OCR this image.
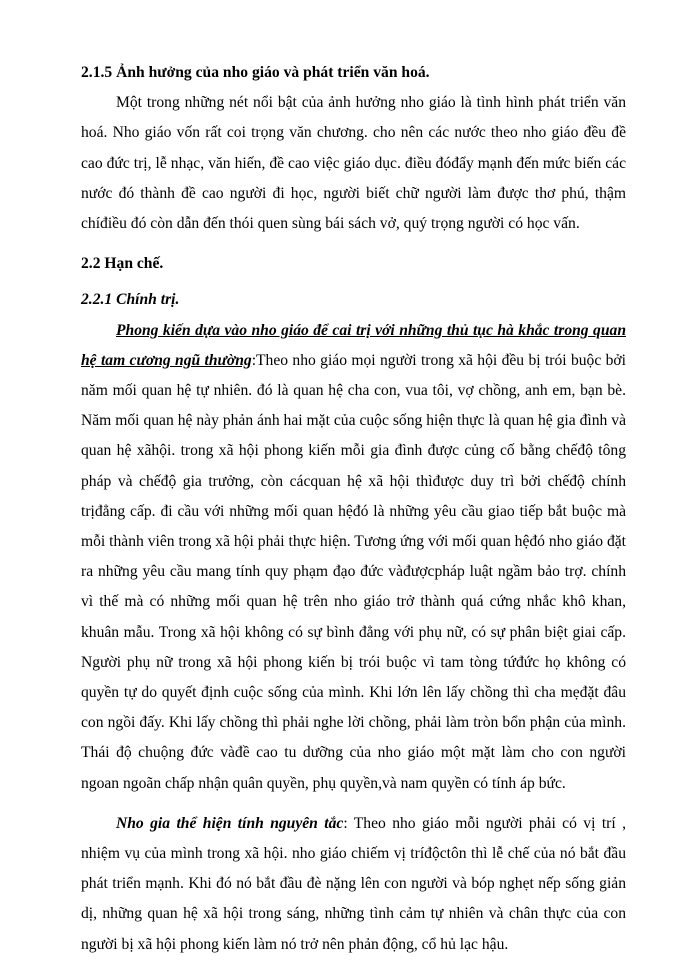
2.1.5 Ảnh hưởng của nho giáo và phát triển văn hoá.

Một trong những nét nổi bật của ảnh hưởng nho giáo là tình hình phát triển văn hoá. Nho giáo vốn rất coi trọng văn chương. cho nên các nước theo nho giáo đều đề cao đức trị, lễ nhạc, văn hiến, đề cao việc giáo dục. điều đóđẩy mạnh đến mức biến các nước đó thành đề cao người đi học, người biết chữ người làm được thơ phú, thậm chíđiều đó còn dẫn đến thói quen sùng bái sách vở, quý trọng người có học vấn.

2.2 Hạn chế.

2.2.1 Chính trị.

Phong kiến dựa vào nho giáo để cai trị với những thủ tục hà khắc trong quan hệ tam cương ngũ thường:Theo nho giáo mọi người trong xã hội đều bị trói buộc bởi năm mối quan hệ tự nhiên. đó là quan hệ cha con, vua tôi, vợ chồng, anh em, bạn bè. Năm mối quan hệ này phản ánh hai mặt của cuộc sống hiện thực là quan hệ gia đình và quan hệ xãhội. trong xã hội phong kiến mỗi gia đình được củng cố bằng chếđộ tông pháp và chếđộ gia trưởng, còn cácquan hệ xã hội thìđược duy trì bởi chếđộ chính trịđẳng cấp. đi cầu với những mối quan hệđó là những yêu cầu giao tiếp bắt buộc mà mỗi thành viên trong xã hội phải thực hiện. Tương ứng với mối quan hệđó nho giáo đặt ra những yêu cầu mang tính quy phạm đạo đức vàđượcpháp luật ngầm bảo trợ. chính vì thế mà có những mối quan hệ trên nho giáo trở thành quá cứng nhắc khô khan, khuân mẫu. Trong xã hội không có sự bình đẳng với phụ nữ, có sự phân biệt giai cấp. Người phụ nữ trong xã hội phong kiến bị trói buộc vì tam tòng tứđức họ không có quyền tự do quyết định cuộc sống của mình. Khi lớn lên lấy chồng thì cha mẹđặt đâu con ngồi đấy. Khi lấy chồng thì phải nghe lời chồng, phải làm tròn bổn phận của mình. Thái độ chuộng đức vàđề cao tu dưỡng của nho giáo một mặt làm cho con người ngoan ngoãn chấp nhận quân quyền, phụ quyền,và nam quyền có tính áp bức.

Nho gia thể hiện tính nguyên tắc: Theo nho giáo mỗi người phải có vị trí , nhiệm vụ của mình trong xã hội. nho giáo chiếm vị tríđộctôn thì lễ chế của nó bắt đầu phát triển mạnh. Khi đó nó bắt đầu đè nặng lên con người và bóp nghẹt nếp sống giản dị, những quan hệ xã hội trong sáng, những tình cảm tự nhiên và chân thực của con người bị xã hội phong kiến làm nó trở nên phản động, cổ hủ lạc hậu.
